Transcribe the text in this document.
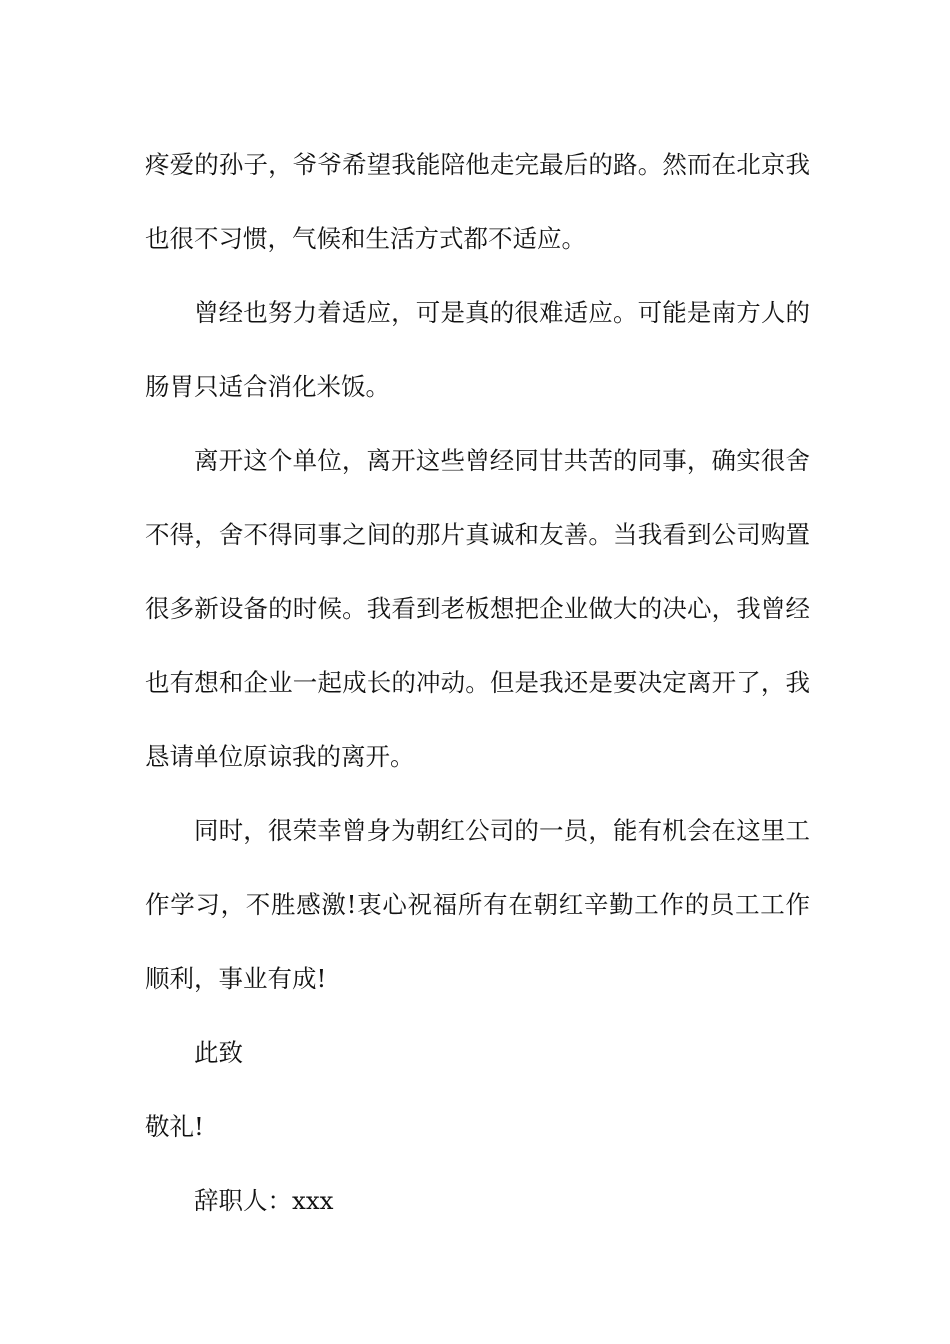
疼爱的孙子，爷爷希望我能陪他走完最后的路。然而在北京我也很不习惯，气候和生活方式都不适应。

曾经也努力着适应，可是真的很难适应。可能是南方人的肠胃只适合消化米饭。

离开这个单位，离开这些曾经同甘共苦的同事，确实很舍不得，舍不得同事之间的那片真诚和友善。当我看到公司购置很多新设备的时候。我看到老板想把企业做大的决心，我曾经也有想和企业一起成长的冲动。但是我还是要决定离开了，我恳请单位原谅我的离开。

同时，很荣幸曾身为朝红公司的一员，能有机会在这里工作学习，不胜感激!衷心祝福所有在朝红辛勤工作的员工工作顺利，事业有成!

此致

敬礼!

辞职人：xxx
